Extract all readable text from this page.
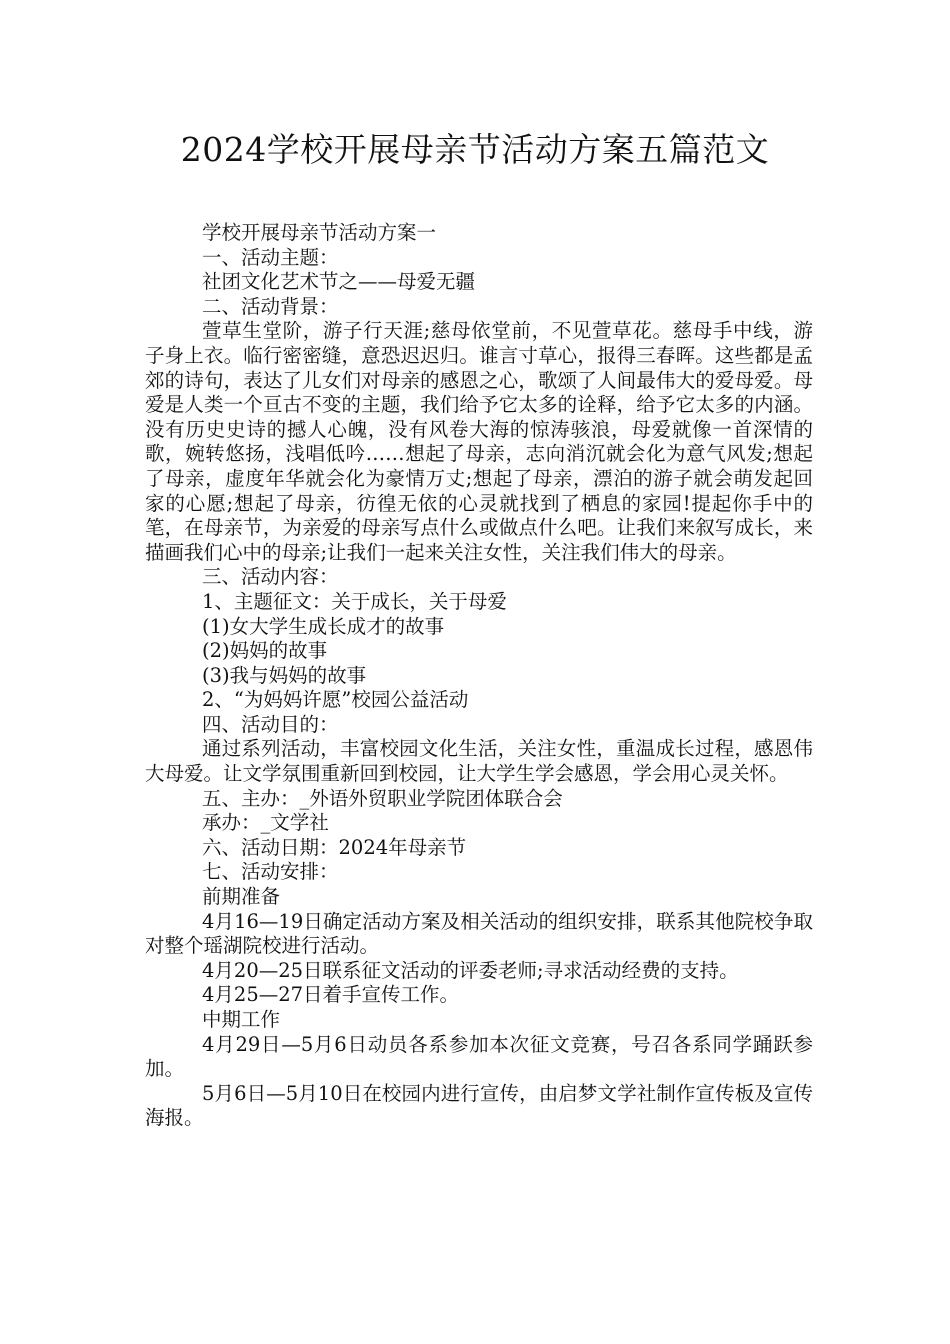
2024学校开展母亲节活动方案五篇范文

学校开展母亲节活动方案一

一、活动主题：

社团文化艺术节之——母爱无疆

二、活动背景：

萱草生堂阶，游子行天涯;慈母依堂前，不见萱草花。慈母手中线，游子身上衣。临行密密缝，意恐迟迟归。谁言寸草心，报得三春晖。这些都是孟郊的诗句，表达了儿女们对母亲的感恩之心，歌颂了人间最伟大的爱母爱。母爱是人类一个亘古不变的主题，我们给予它太多的诠释，给予它太多的内涵。没有历史史诗的撼人心魄，没有风卷大海的惊涛骇浪，母爱就像一首深情的歌，婉转悠扬，浅唱低吟……想起了母亲，志向消沉就会化为意气风发;想起了母亲，虚度年华就会化为豪情万丈;想起了母亲，漂泊的游子就会萌发起回家的心愿;想起了母亲，彷徨无依的心灵就找到了栖息的家园!提起你手中的笔，在母亲节，为亲爱的母亲写点什么或做点什么吧。让我们来叙写成长，来描画我们心中的母亲;让我们一起来关注女性，关注我们伟大的母亲。

三、活动内容：

1、主题征文：关于成长，关于母爱

(1)女大学生成长成才的故事

(2)妈妈的故事

(3)我与妈妈的故事

2、“为妈妈许愿”校园公益活动

四、活动目的：

通过系列活动，丰富校园文化生活，关注女性，重温成长过程，感恩伟大母爱。让文学氛围重新回到校园，让大学生学会感恩，学会用心灵关怀。

五、主办：_外语外贸职业学院团体联合会

承办：_文学社

六、活动日期：2024年母亲节

七、活动安排：

前期准备

4月16—19日确定活动方案及相关活动的组织安排，联系其他院校争取对整个瑶湖院校进行活动。

4月20—25日联系征文活动的评委老师;寻求活动经费的支持。

4月25—27日着手宣传工作。

中期工作

4月29日—5月6日动员各系参加本次征文竞赛，号召各系同学踊跃参加。

5月6日—5月10日在校园内进行宣传，由启梦文学社制作宣传板及宣传海报。
